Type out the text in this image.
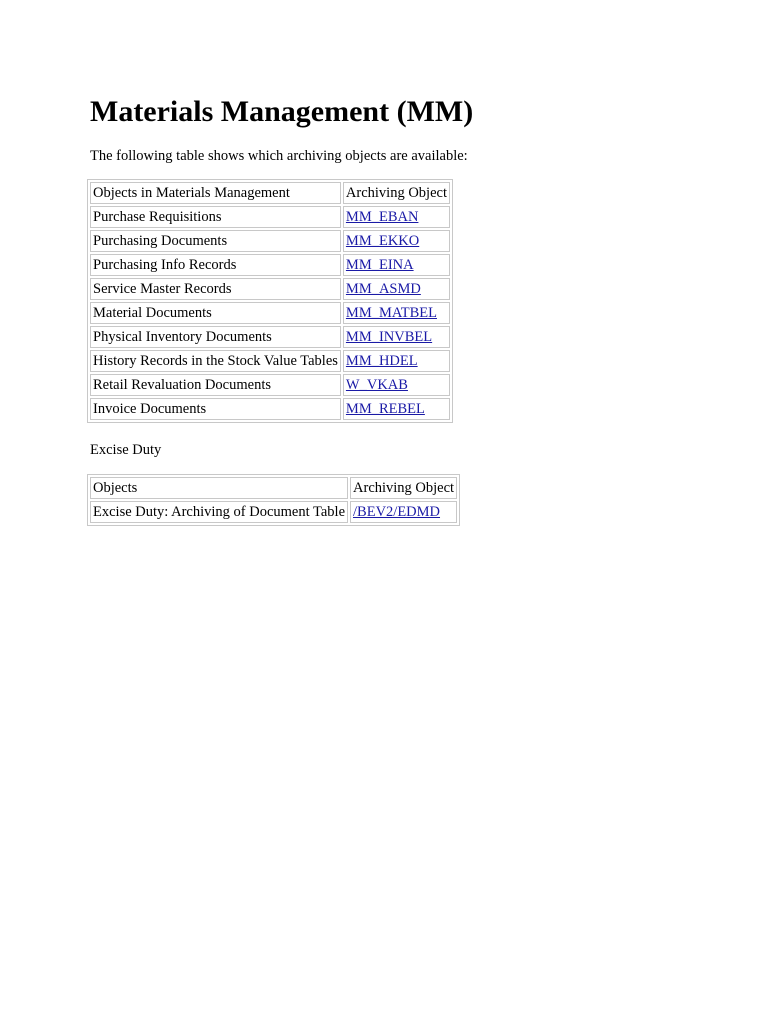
Materials Management (MM)

The following table shows which archiving objects are available:

Objects in Materials Management	Archiving Object
Purchase Requisitions	MM_EBAN
Purchasing Documents	MM_EKKO
Purchasing Info Records	MM_EINA
Service Master Records	MM_ASMD
Material Documents	MM_MATBEL
Physical Inventory Documents	MM_INVBEL
History Records in the Stock Value Tables	MM_HDEL
Retail Revaluation Documents	W_VKAB
Invoice Documents	MM_REBEL

Excise Duty

Objects	Archiving Object
Excise Duty: Archiving of Document Table	/BEV2/EDMD
